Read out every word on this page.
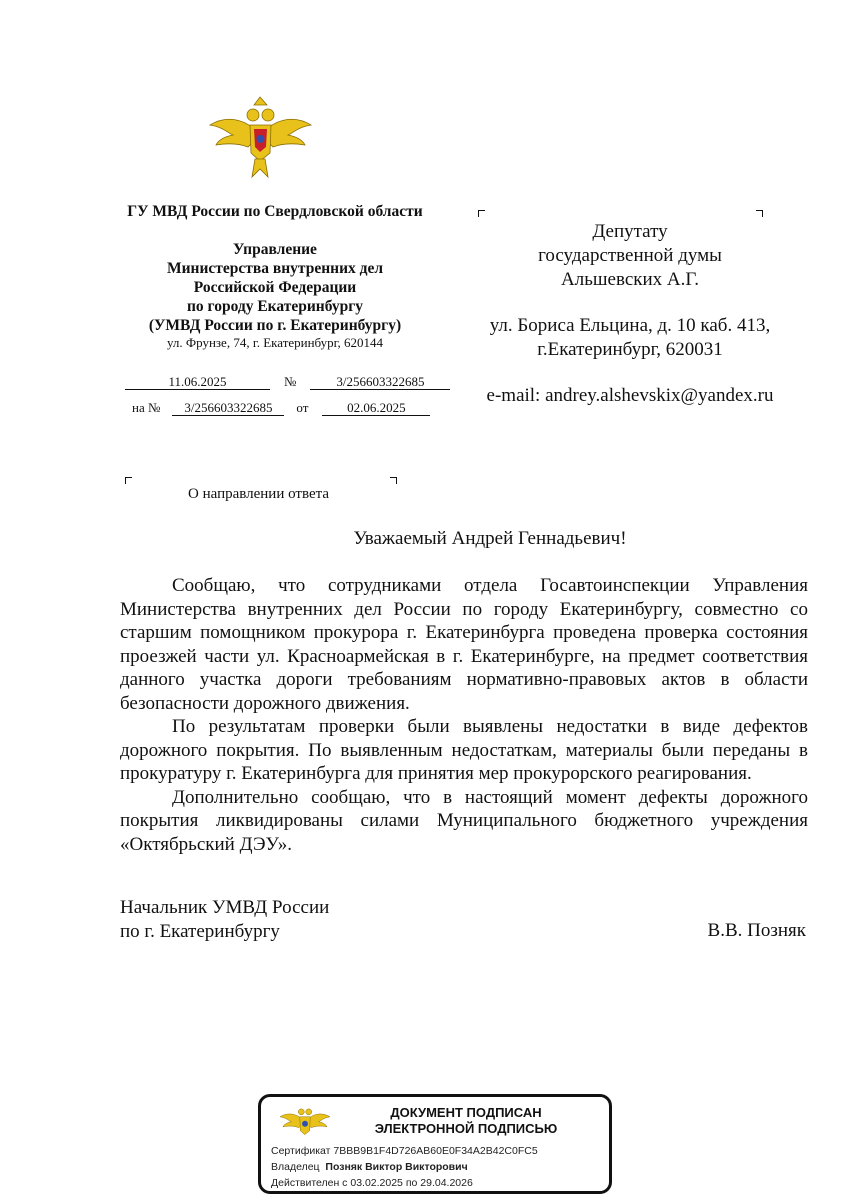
ГУ МВД России по Свердловской области
Управление
Министерства внутренних дел
Российской Федерации
по городу Екатеринбургу
(УМВД России по г. Екатеринбургу)
ул. Фрунзе, 74, г. Екатеринбург, 620144
11.06.2025	№	3/256603322685
на № 3/256603322685 от	02.06.2025
Депутату
государственной думы
Альшевских А.Г.
ул. Бориса Ельцина, д. 10 каб. 413,
г.Екатеринбург, 620031
e-mail: andrey.alshevskix@yandex.ru
О направлении ответа
Уважаемый Андрей Геннадьевич!

Сообщаю, что сотрудниками отдела Госавтоинспекции Управления Министерства внутренних дел России по городу Екатеринбургу, совместно со старшим помощником прокурора г. Екатеринбурга проведена проверка состояния проезжей части ул. Красноармейская в г. Екатеринбурге, на предмет соответствия данного участка дороги требованиям нормативно-правовых актов в области безопасности дорожного движения.

По результатам проверки были выявлены недостатки в виде дефектов дорожного покрытия. По выявленным недостаткам, материалы были переданы в прокуратуру г. Екатеринбурга для принятия мер прокурорского реагирования.

Дополнительно сообщаю, что в настоящий момент дефекты дорожного покрытия ликвидированы силами Муниципального бюджетного учреждения «Октябрьский ДЭУ».

Начальник УМВД России
по г. Екатеринбургу	В.В. Позняк
ДОКУМЕНТ ПОДПИСАН
ЭЛЕКТРОННОЙ ПОДПИСЬЮ
Сертификат 7BBB9B1F4D726AB60E0F34A2B42C0FC5
Владелец Позняк Виктор Викторович
Действителен с 03.02.2025 по 29.04.2026
